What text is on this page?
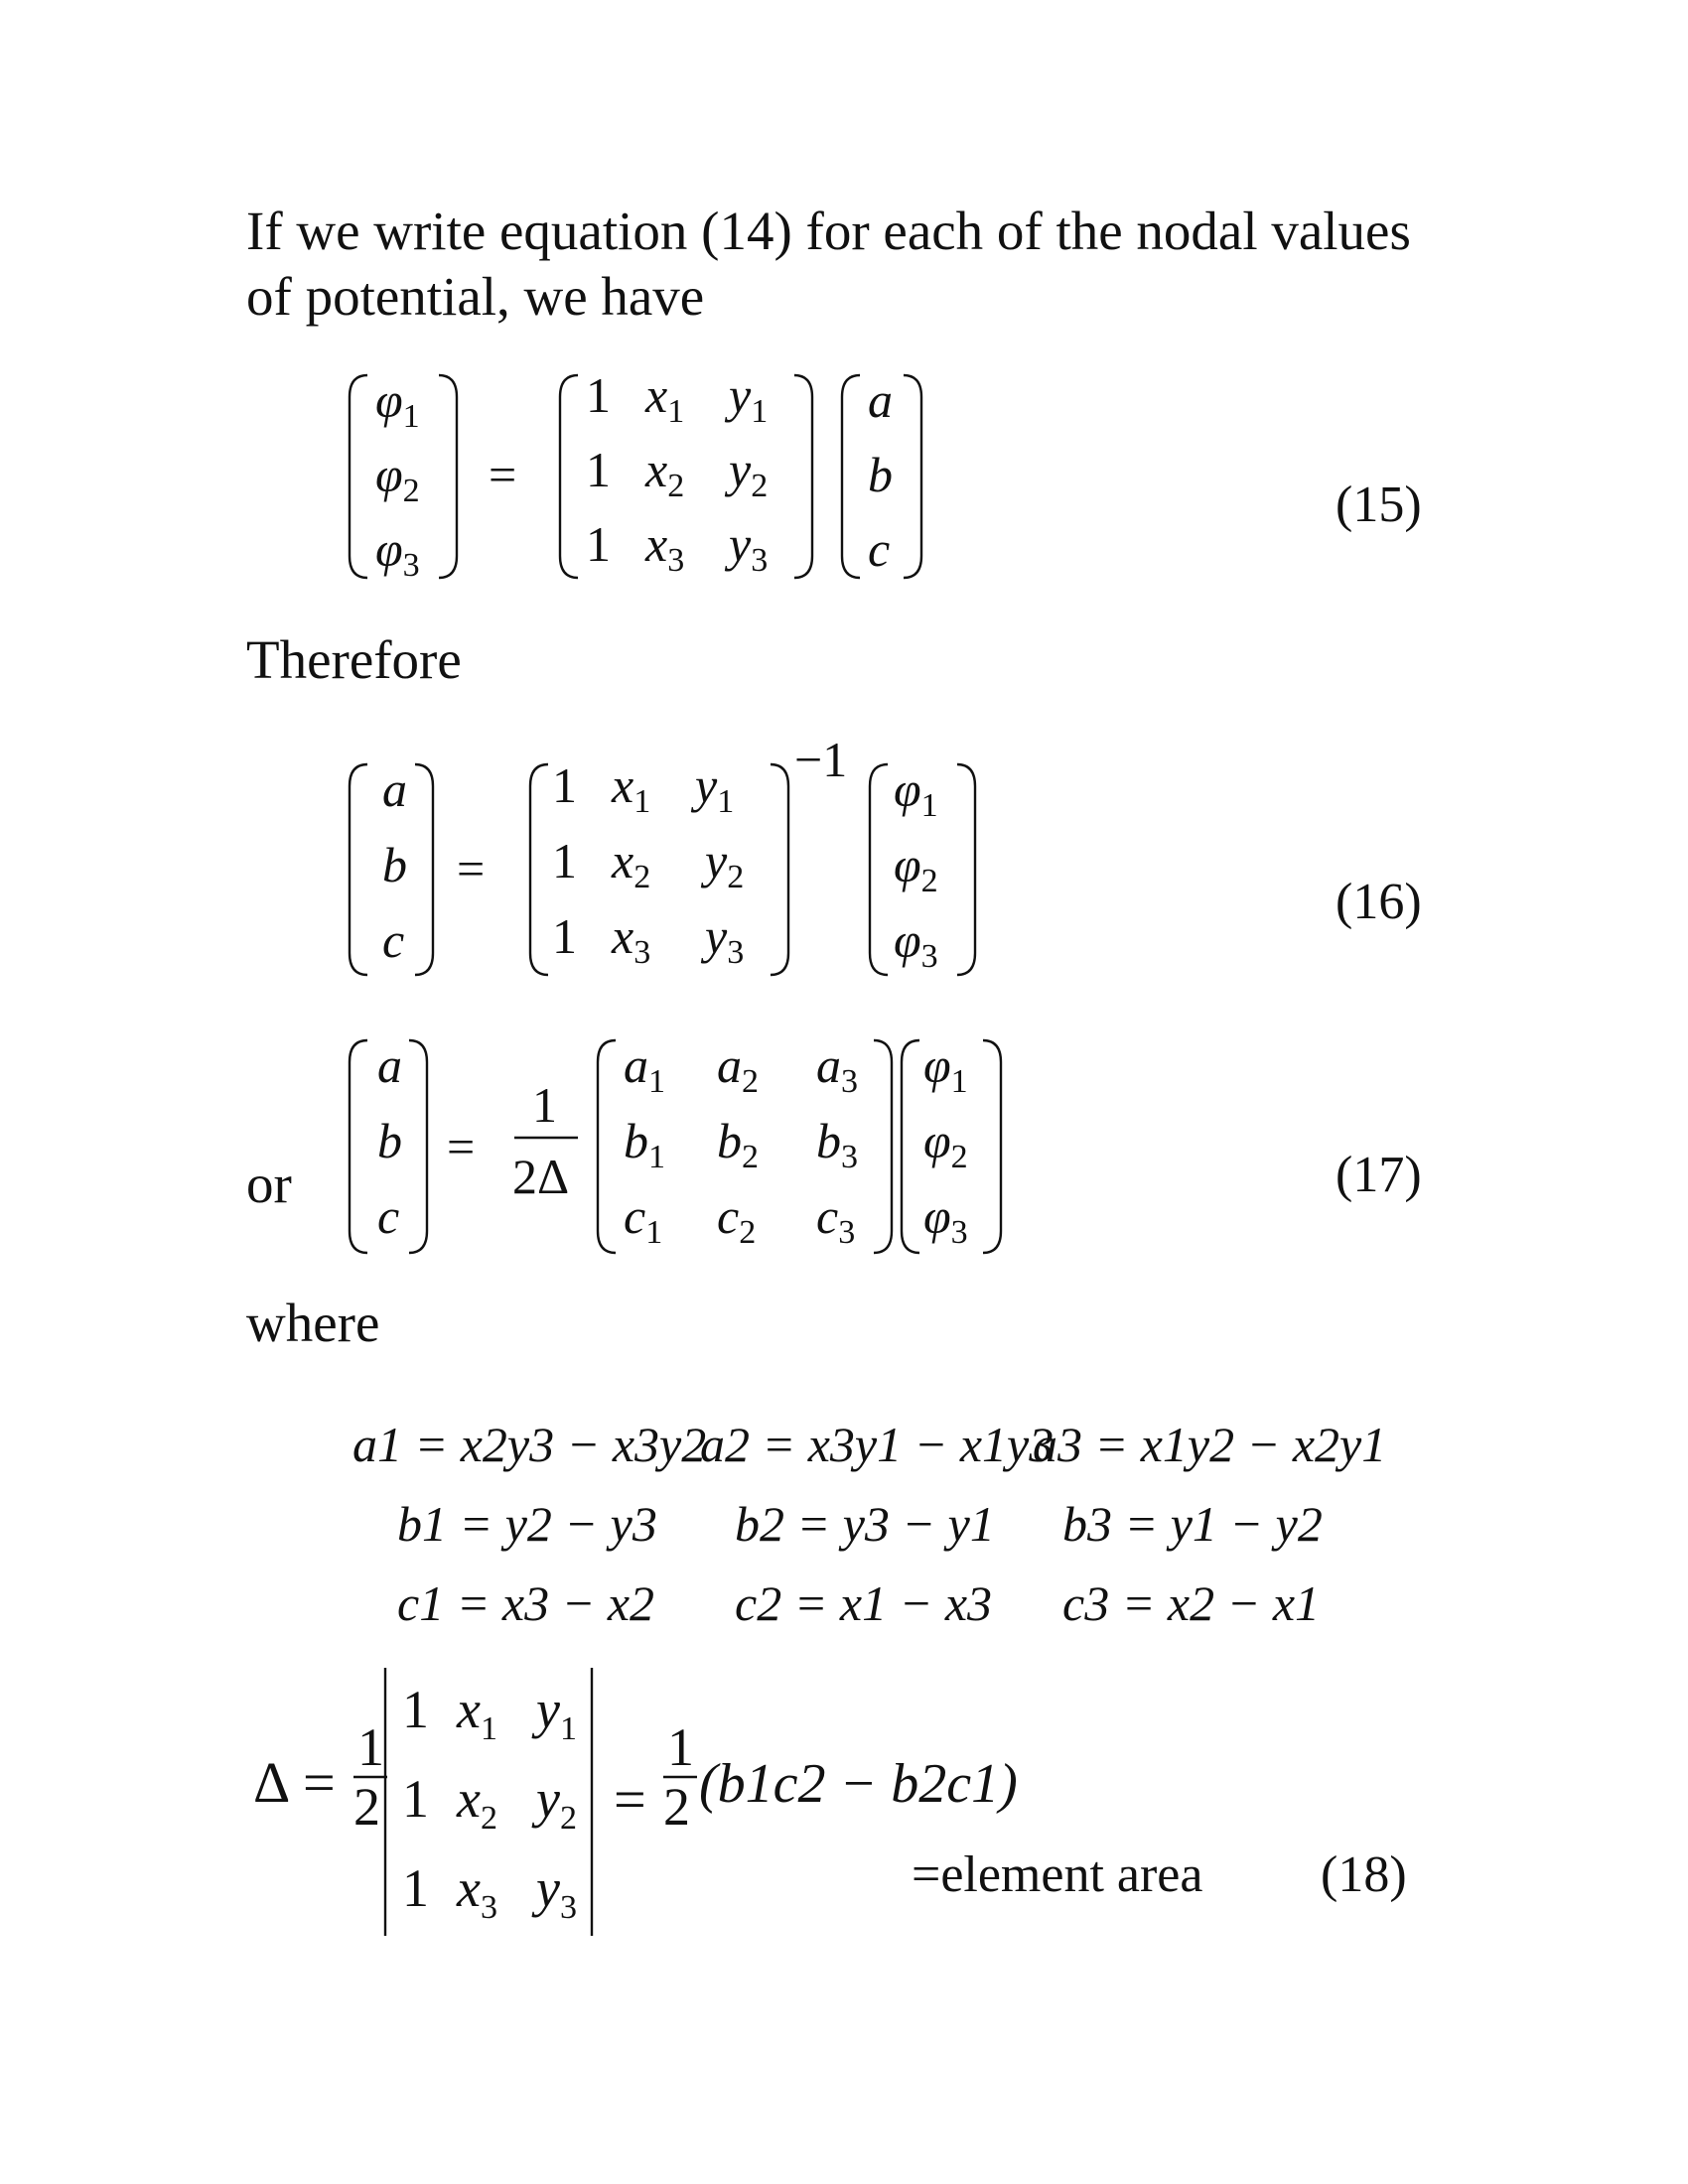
If we write equation (14) for each of the nodal values

of potential, we have

Therefore

or

where

$\varphi_1$
$\varphi_2$
$\varphi_3$
=
1 $x_1$ $y_1$
1 $x_2$ $y_2$
1 $x_3$ $y_3$
a
b
c
(15)
a
b
c
=
1 $x_1$ $y_1$
1 $x_2$ $y_2$
1 $x_3$ $y_3$
−1
$\varphi_1$
$\varphi_2$
$\varphi_3$
(16)
a
b
c
=
1
2Δ
$a_1$ $a_2$ $a_3$
$b_1$ $b_2$ $b_3$
$c_1$ $c_2$ $c_3$
$\varphi_1$
$\varphi_2$
$\varphi_3$
(17)
a1 = x2y3 − x3y2
a2 = x3y1 − x1y3
a3 = x1y2 − x2y1
b1 = y2 − y3 b2 = y3 − y1 b3 = y1 − y2
c1 = x3 − x2 c2 = x1 − x3 c3 = x2 − x1
Δ =
1
2
1 $x_1$ $y_1$
1 $x_2$ $y_2$
1 $x_3$ $y_3$
=
1
2 (b1c2 − b2c1)
=element area (18)
